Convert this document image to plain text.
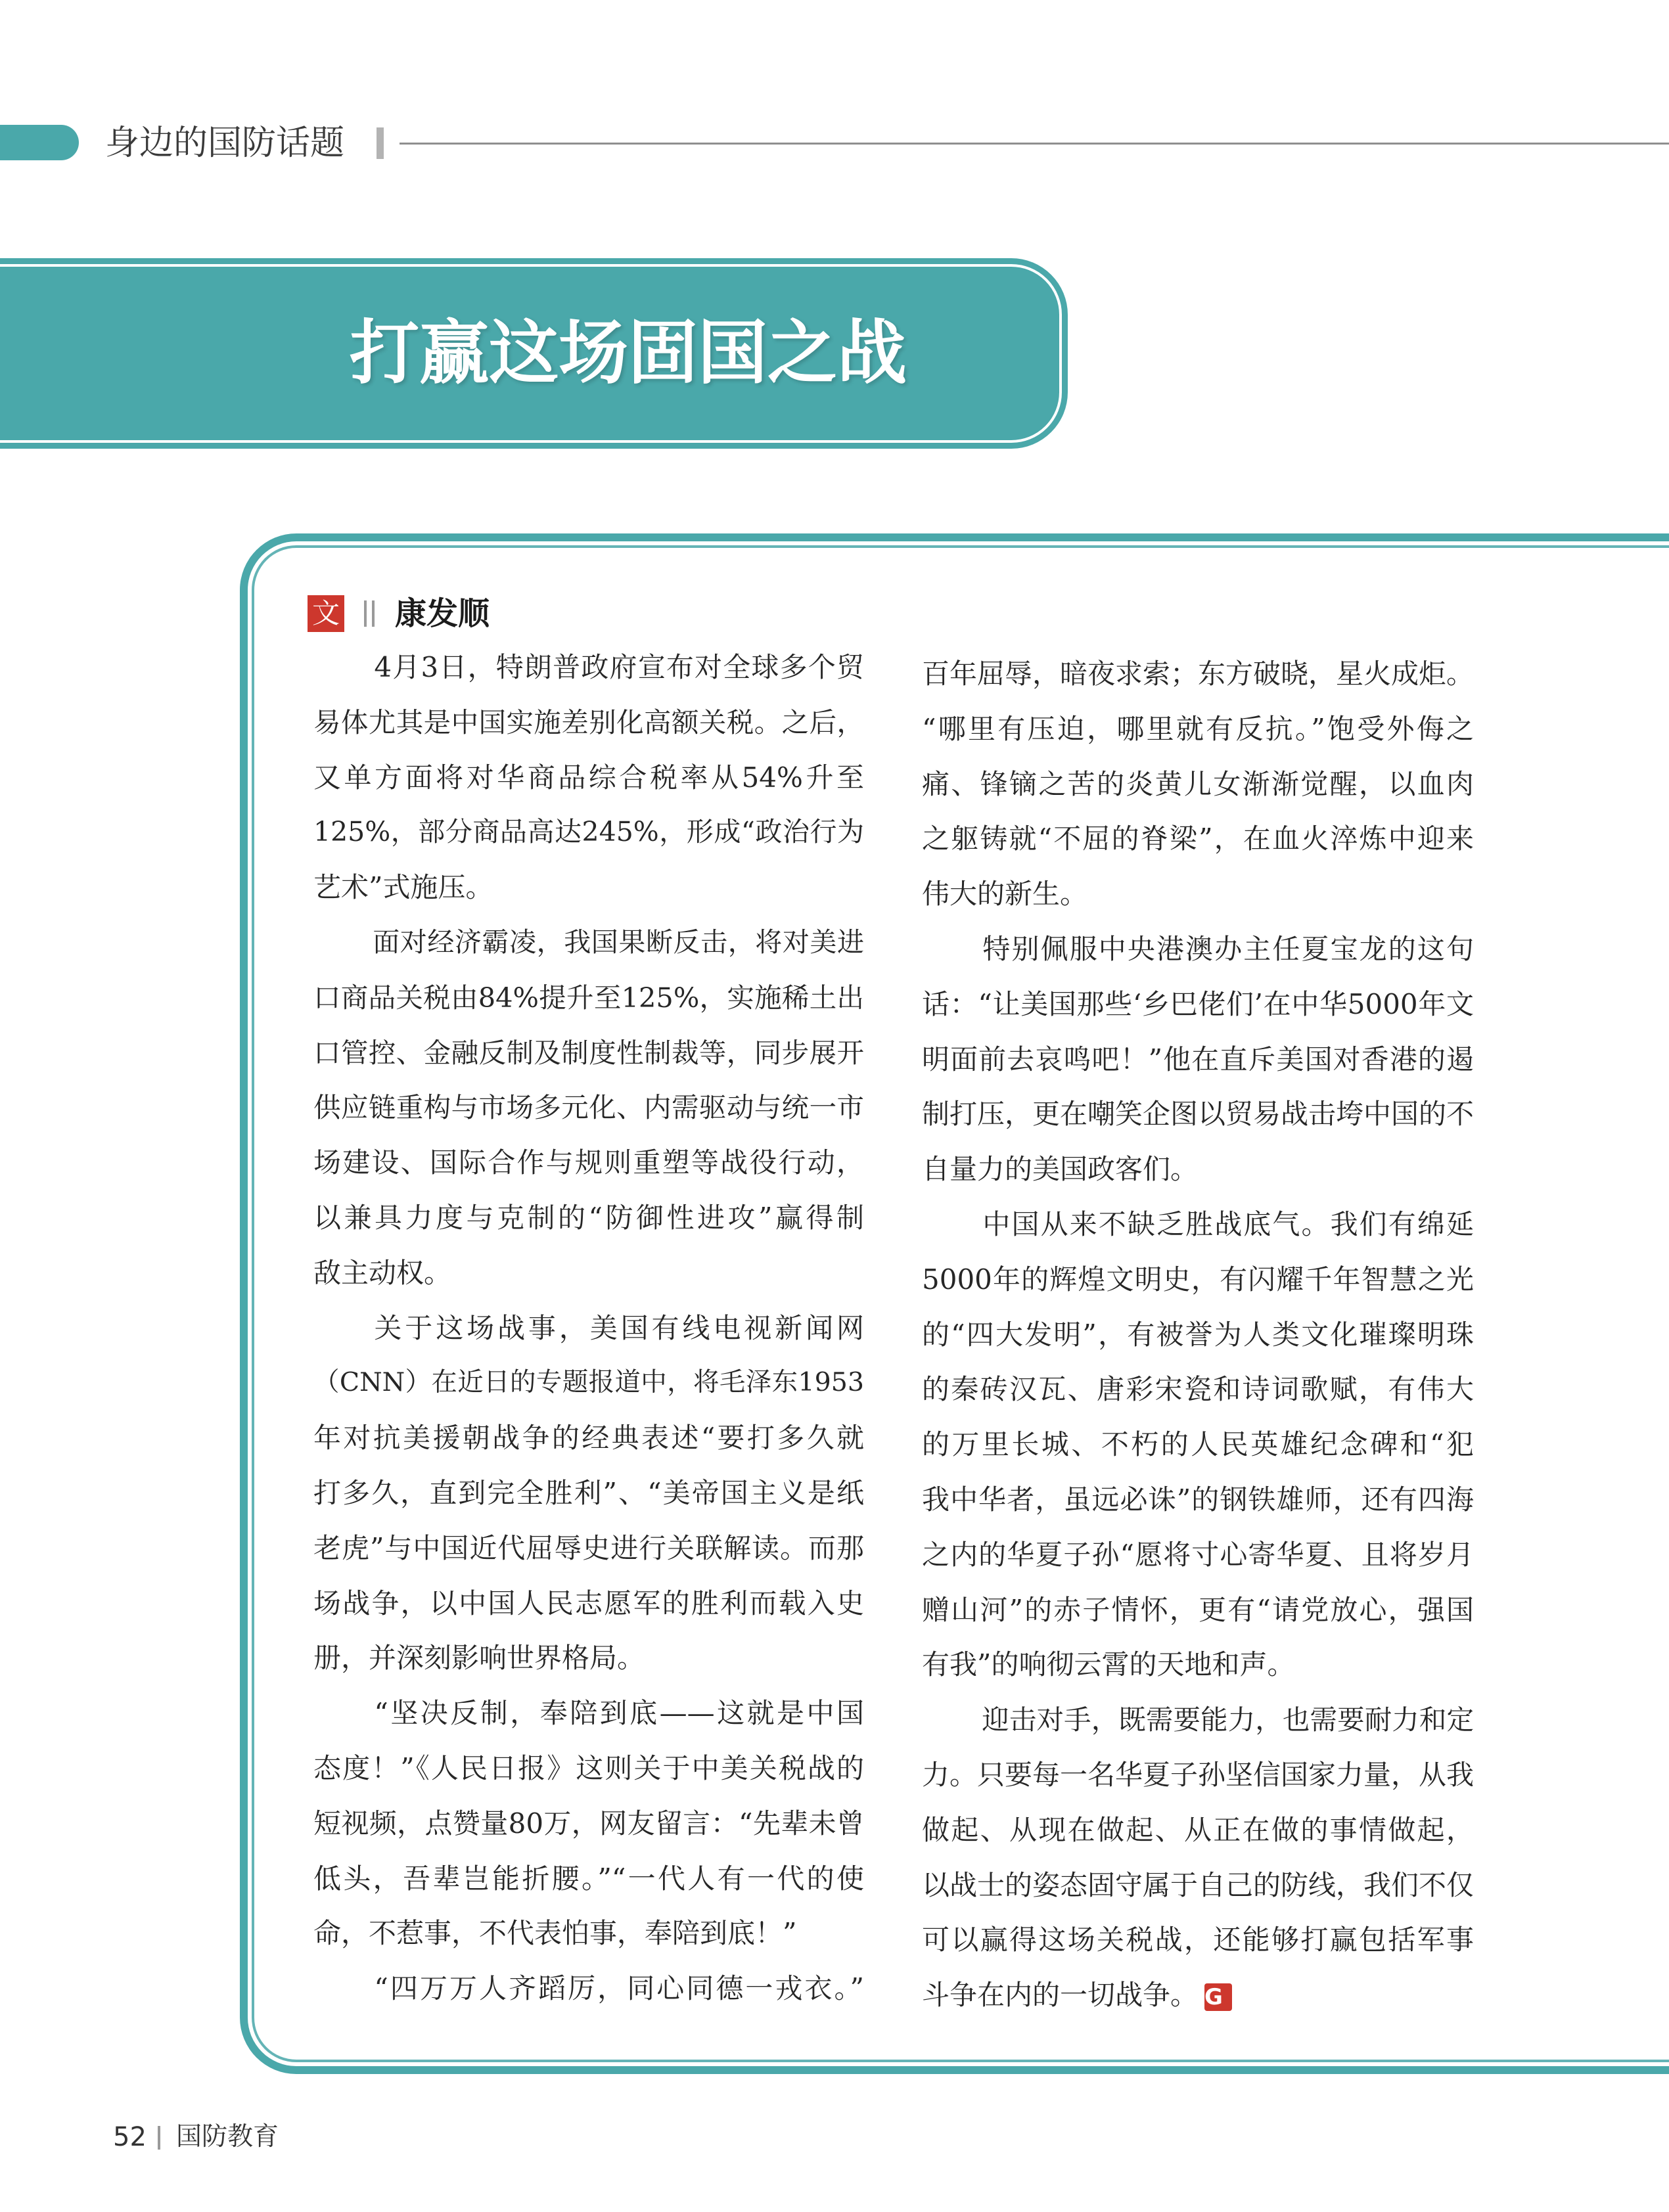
身边的国防话题
打赢这场固国之战
文 康发顺
4月3日，特朗普政府宣布对全球多个贸
易体尤其是中国实施差别化高额关税。之后，
又单方面将对华商品综合税率从54%升至
125%，部分商品高达245%，形成“政治行为
艺术”式施压。
面对经济霸凌，我国果断反击，将对美进
口商品关税由84%提升至125%，实施稀土出
口管控、金融反制及制度性制裁等，同步展开
供应链重构与市场多元化、内需驱动与统一市
场建设、国际合作与规则重塑等战役行动，
以兼具力度与克制的“防御性进攻”赢得制
敌主动权。
关于这场战事，美国有线电视新闻网
（CNN）在近日的专题报道中，将毛泽东1953
年对抗美援朝战争的经典表述“要打多久就
打多久，直到完全胜利”、“美帝国主义是纸
老虎”与中国近代屈辱史进行关联解读。而那
场战争，以中国人民志愿军的胜利而载入史
册，并深刻影响世界格局。
“坚决反制，奉陪到底——这就是中国
态度！”《人民日报》这则关于中美关税战的
短视频，点赞量80万，网友留言：“先辈未曾
低头，吾辈岂能折腰。”“一代人有一代的使
命，不惹事，不代表怕事，奉陪到底！”
“四万万人齐蹈厉，同心同德一戎衣。”
百年屈辱，暗夜求索；东方破晓，星火成炬。
“哪里有压迫，哪里就有反抗。”饱受外侮之
痛、锋镝之苦的炎黄儿女渐渐觉醒，以血肉
之躯铸就“不屈的脊梁”，在血火淬炼中迎来
伟大的新生。
特别佩服中央港澳办主任夏宝龙的这句
话：“让美国那些‘乡巴佬们’在中华5000年文
明面前去哀鸣吧！”他在直斥美国对香港的遏
制打压，更在嘲笑企图以贸易战击垮中国的不
自量力的美国政客们。
中国从来不缺乏胜战底气。我们有绵延
5000年的辉煌文明史，有闪耀千年智慧之光
的“四大发明”，有被誉为人类文化璀璨明珠
的秦砖汉瓦、唐彩宋瓷和诗词歌赋，有伟大
的万里长城、不朽的人民英雄纪念碑和“犯
我中华者，虽远必诛”的钢铁雄师，还有四海
之内的华夏子孙“愿将寸心寄华夏、且将岁月
赠山河”的赤子情怀，更有“请党放心，强国
有我”的响彻云霄的天地和声。
迎击对手，既需要能力，也需要耐力和定
力。只要每一名华夏子孙坚信国家力量，从我
做起、从现在做起、从正在做的事情做起，
以战士的姿态固守属于自己的防线，我们不仅
可以赢得这场关税战，还能够打赢包括军事
斗争在内的一切战争。 G
52 国防教育
